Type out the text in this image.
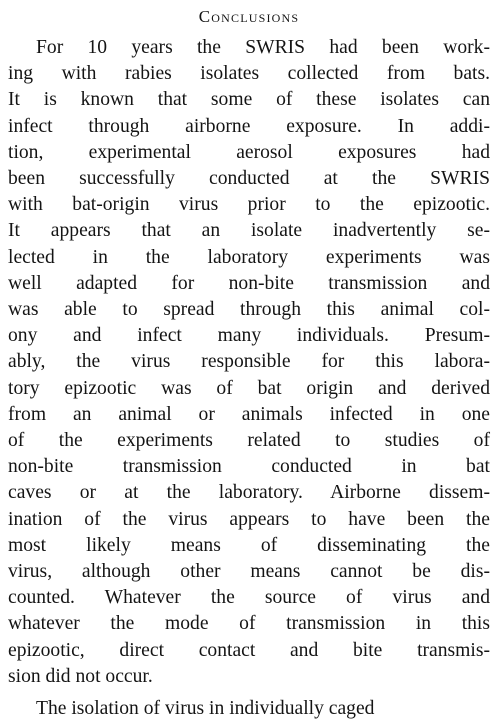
Conclusions
For 10 years the SWRIS had been work-
ing with rabies isolates collected from bats.
It is known that some of these isolates can
infect through airborne exposure. In addi-
tion, experimental aerosol exposures had
been successfully conducted at the SWRIS
with bat-origin virus prior to the epizootic.
It appears that an isolate inadvertently se-
lected in the laboratory experiments was
well adapted for non-bite transmission and
was able to spread through this animal col-
ony and infect many individuals. Presum-
ably, the virus responsible for this labora-
tory epizootic was of bat origin and derived
from an animal or animals infected in one
of the experiments related to studies of
non-bite transmission conducted in bat
caves or at the laboratory. Airborne dissem-
ination of the virus appears to have been the
most likely means of disseminating the
virus, although other means cannot be dis-
counted. Whatever the source of virus and
whatever the mode of transmission in this
epizootic, direct contact and bite transmis-
sion did not occur.
The isolation of virus in individually caged
